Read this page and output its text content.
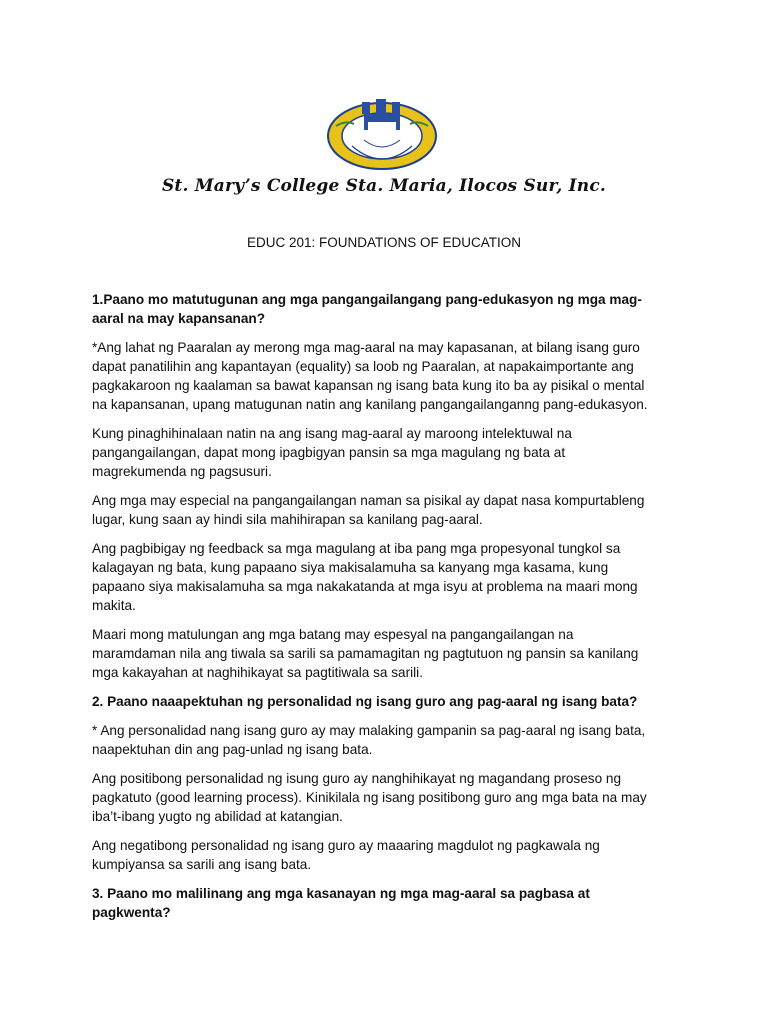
St. Mary’s College Sta. Maria, Ilocos Sur, Inc.
EDUC 201: FOUNDATIONS OF EDUCATION

1.Paano mo matutugunan ang mga pangangailangang pang-edukasyon ng mga mag-aaral na may kapansanan?

*Ang lahat ng Paaralan ay merong mga mag-aaral na may kapasanan, at bilang isang guro dapat panatilihin ang kapantayan (equality) sa loob ng Paaralan, at napakaimportante ang pagkakaroon ng kaalaman sa bawat kapansan ng isang bata kung ito ba ay pisikal o mental na kapansanan, upang matugunan natin ang kanilang pangangailanganng pang-edukasyon.

Kung pinaghihinalaan natin na ang isang mag-aaral ay maroong intelektuwal na pangangailangan, dapat mong ipagbigyan pansin sa mga magulang ng bata at magrekumenda ng pagsusuri.

Ang mga may especial na pangangailangan naman sa pisikal ay dapat nasa kompurtableng lugar, kung saan ay hindi sila mahihirapan sa kanilang pag-aaral.

Ang pagbibigay ng feedback sa mga magulang at iba pang mga propesyonal tungkol sa kalagayan ng bata, kung papaano siya makisalamuha sa kanyang mga kasama, kung papaano siya makisalamuha sa mga nakakatanda at mga isyu at problema na maari mong makita.

Maari mong matulungan ang mga batang may espesyal na pangangailangan na maramdaman nila ang tiwala sa sarili sa pamamagitan ng pagtutuon ng pansin sa kanilang mga kakayahan at naghihikayat sa pagtitiwala sa sarili.

2. Paano naaapektuhan ng personalidad ng isang guro ang pag-aaral ng isang bata?

* Ang personalidad nang isang guro ay may malaking gampanin sa pag-aaral ng isang bata, naapektuhan din ang pag-unlad ng isang bata.

Ang positibong personalidad ng isung guro ay nanghihikayat ng magandang proseso ng pagkatuto (good learning process). Kinikilala ng isang positibong guro ang mga bata na may iba’t-ibang yugto ng abilidad at katangian.

Ang negatibong personalidad ng isang guro ay maaaring magdulot ng pagkawala ng kumpiyansa sa sarili ang isang bata.

3. Paano mo malilinang ang mga kasanayan ng mga mag-aaral sa pagbasa at pagkwenta?
